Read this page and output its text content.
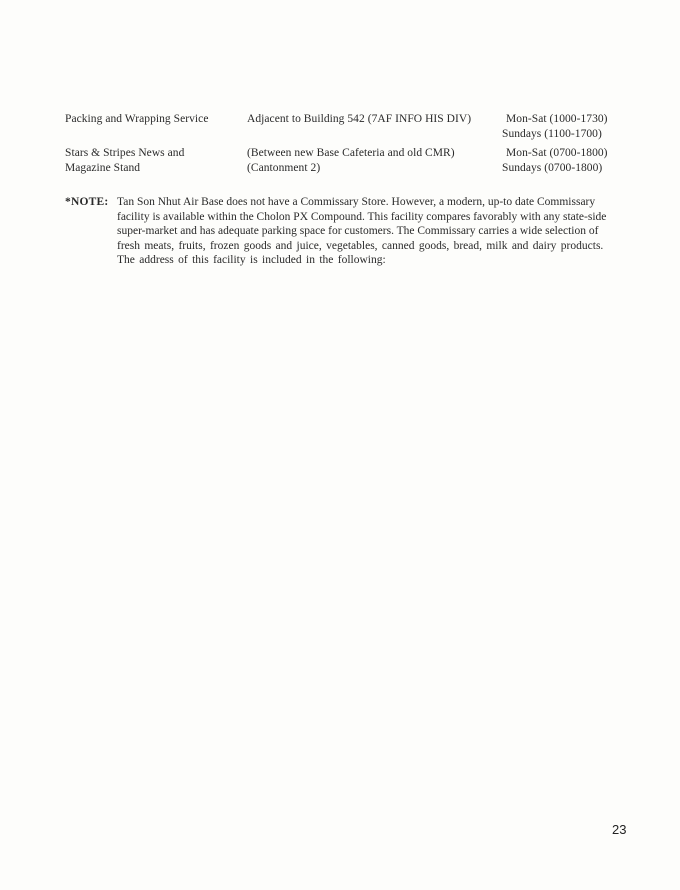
Packing and Wrapping Service	Adjacent to Building 542 (7AF INFO HIS DIV)	Mon-Sat (1000-1730)
Sundays (1100-1700)
Stars & Stripes News and
Magazine Stand
(Between new Base Cafeteria and old CMR)
(Cantonment 2)
Mon-Sat (0700-1800)
Sundays (0700-1800)
*NOTE: Tan Son Nhut Air Base does not have a Commissary Store. However, a modern, up-to date Commissary
facility is available within the Cholon PX Compound. This facility compares favorably with any state-side
super-market and has adequate parking space for customers. The Commissary carries a wide selection of
fresh meats, fruits, frozen goods and juice, vegetables, canned goods, bread, milk and dairy products.
The address of this facility is included in the following:
23
